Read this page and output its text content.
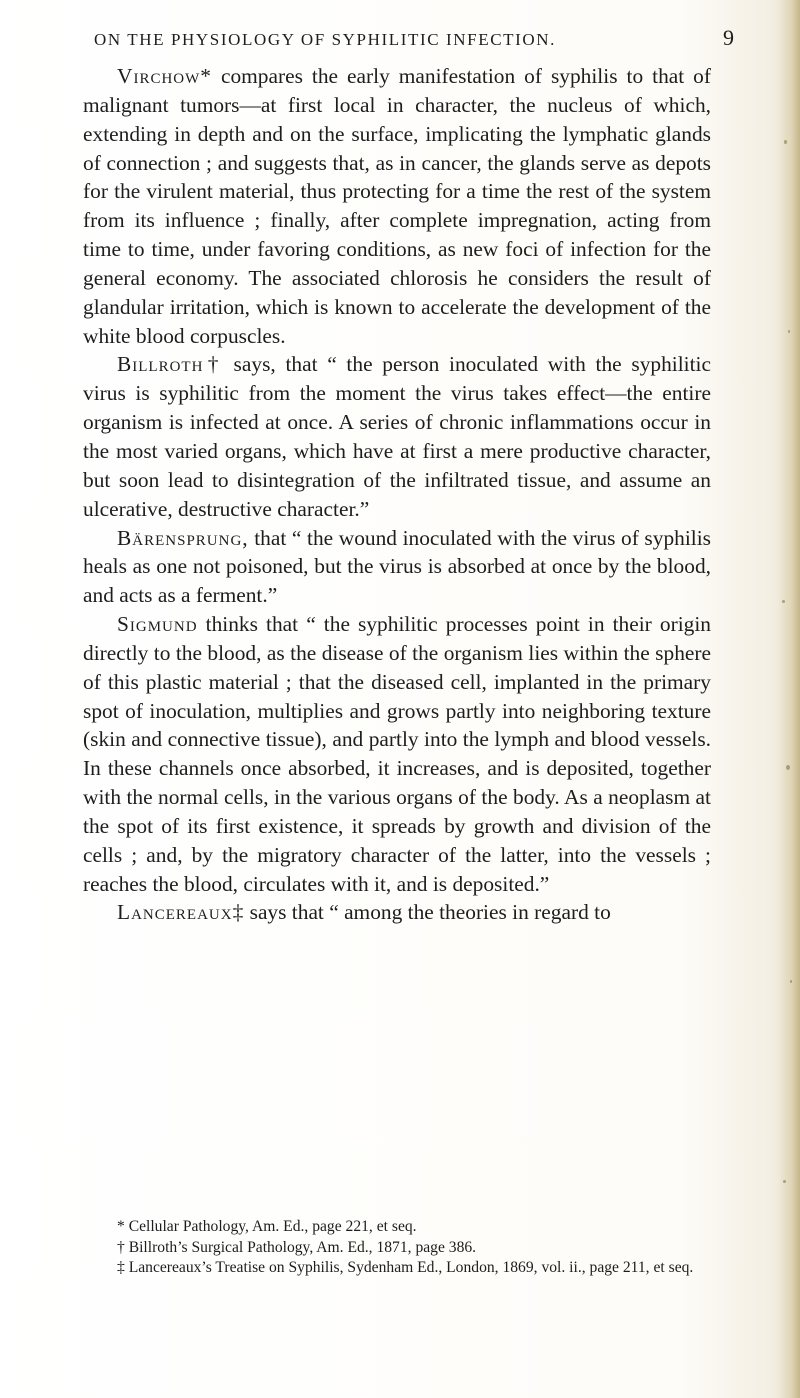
ON THE PHYSIOLOGY OF SYPHILITIC INFECTION.	9

Virchow* compares the early manifestation of syphilis to that of malignant tumors—at first local in character, the nucleus of which, extending in depth and on the surface, implicating the lymphatic glands of connection ; and suggests that, as in cancer, the glands serve as depots for the virulent material, thus protecting for a time the rest of the system from its influence ; finally, after complete impregnation, acting from time to time, under favoring conditions, as new foci of infection for the general economy. The associated chlorosis he considers the result of glandular irritation, which is known to accelerate the development of the white blood corpuscles.

Billroth† says, that “ the person inoculated with the syphilitic virus is syphilitic from the moment the virus takes effect—the entire organism is infected at once. A series of chronic inflammations occur in the most varied organs, which have at first a mere productive character, but soon lead to disintegration of the infiltrated tissue, and assume an ulcerative, destructive character.”

Bärensprung, that “ the wound inoculated with the virus of syphilis heals as one not poisoned, but the virus is absorbed at once by the blood, and acts as a ferment.”

Sigmund thinks that “ the syphilitic processes point in their origin directly to the blood, as the disease of the organism lies within the sphere of this plastic material ; that the diseased cell, implanted in the primary spot of inoculation, multiplies and grows partly into neighboring texture (skin and connective tissue), and partly into the lymph and blood vessels. In these channels once absorbed, it increases, and is deposited, together with the normal cells, in the various organs of the body. As a neoplasm at the spot of its first existence, it spreads by growth and division of the cells ; and, by the migratory character of the latter, into the vessels ; reaches the blood, circulates with it, and is deposited.”

Lancereaux‡ says that “ among the theories in regard to

* Cellular Pathology, Am. Ed., page 221, et seq.

† Billroth’s Surgical Pathology, Am. Ed., 1871, page 386.

‡ Lancereaux’s Treatise on Syphilis, Sydenham Ed., London, 1869, vol. ii., page 211, et seq.
